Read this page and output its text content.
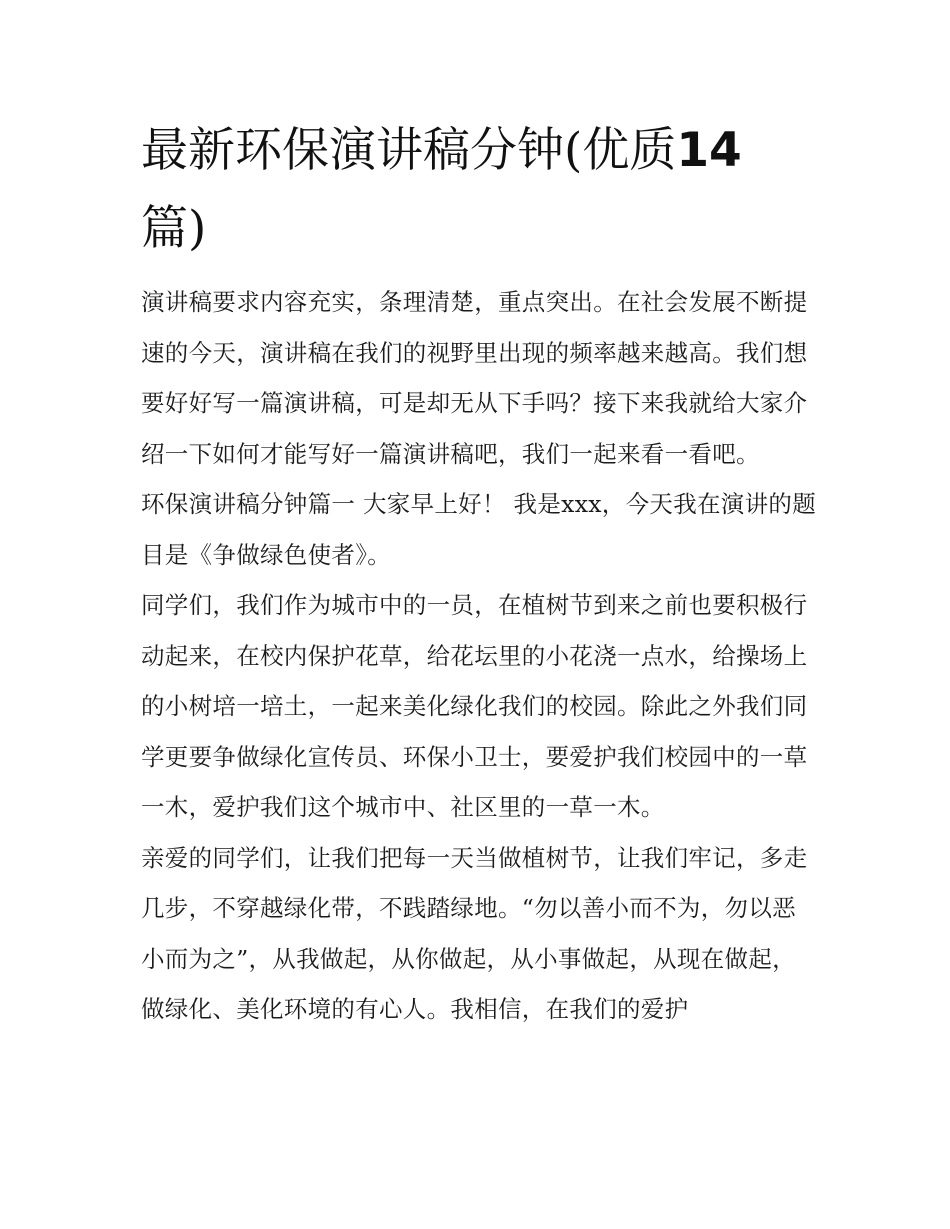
最新环保演讲稿分钟(优质14
篇)

演讲稿要求内容充实，条理清楚，重点突出。在社会发展不断提速的今天，演讲稿在我们的视野里出现的频率越来越高。我们想要好好写一篇演讲稿，可是却无从下手吗？接下来我就给大家介绍一下如何才能写好一篇演讲稿吧，我们一起来看一看吧。

环保演讲稿分钟篇一 大家早上好！ 我是xxx，今天我在演讲的题目是《争做绿色使者》。

同学们，我们作为城市中的一员，在植树节到来之前也要积极行动起来，在校内保护花草，给花坛里的小花浇一点水，给操场上的小树培一培土，一起来美化绿化我们的校园。除此之外我们同学更要争做绿化宣传员、环保小卫士，要爱护我们校园中的一草一木，爱护我们这个城市中、社区里的一草一木。

亲爱的同学们，让我们把每一天当做植树节，让我们牢记，多走几步，不穿越绿化带，不践踏绿地。“勿以善小而不为，勿以恶小而为之”，从我做起，从你做起，从小事做起，从现在做起，做绿化、美化环境的有心人。我相信，在我们的爱护
